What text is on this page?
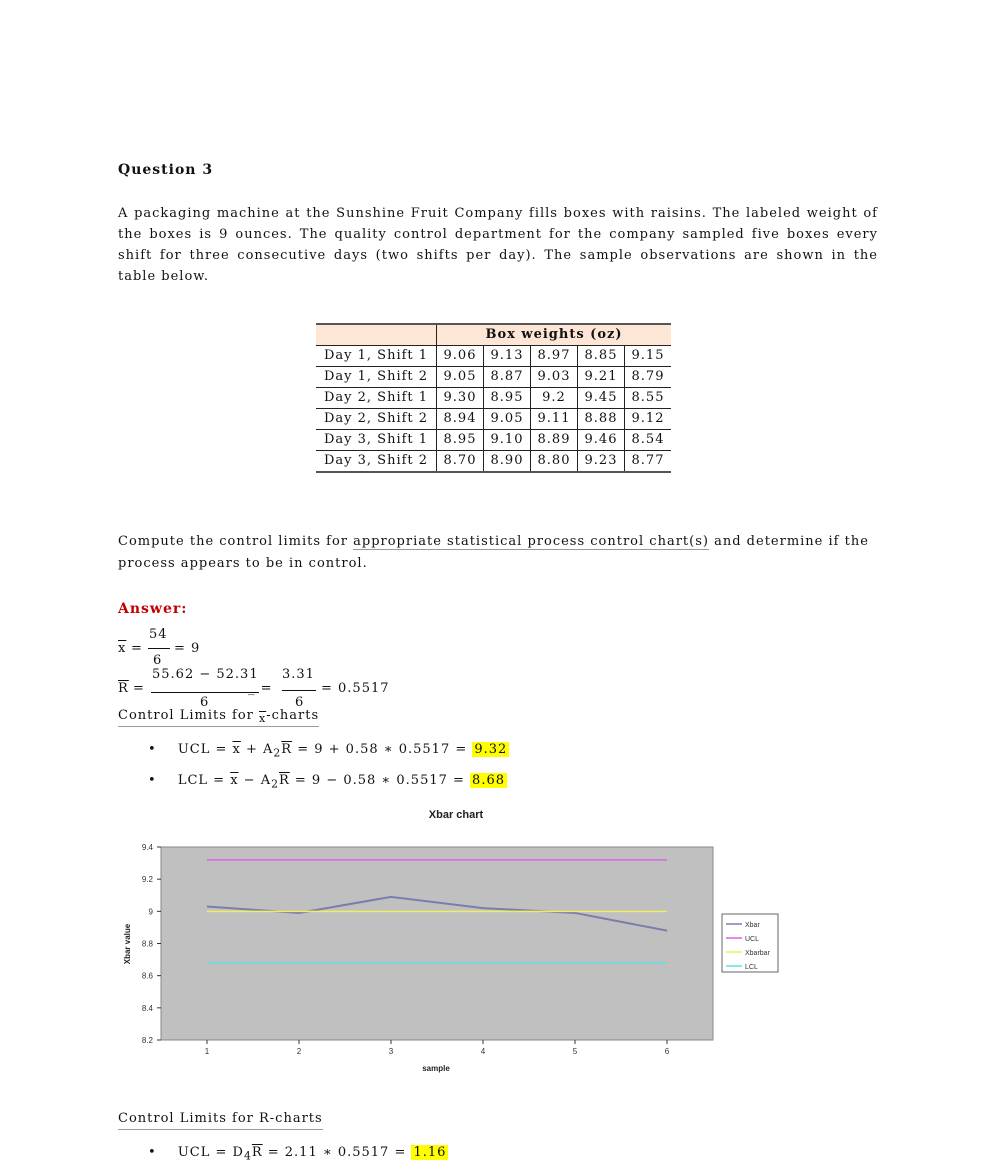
Question 3
A packaging machine at the Sunshine Fruit Company fills boxes with raisins. The labeled weight of the boxes is 9 ounces. The quality control department for the company sampled five boxes every shift for three consecutive days (two shifts per day). The sample observations are shown in the table below.
	Box weights (oz)				
Day 1, Shift 1	9.06	9.13	8.97	8.85	9.15
Day 1, Shift 2	9.05	8.87	9.03	9.21	8.79
Day 2, Shift 1	9.30	8.95	9.2	9.45	8.55
Day 2, Shift 2	8.94	9.05	9.11	8.88	9.12
Day 3, Shift 1	8.95	9.10	8.89	9.46	8.54
Day 3, Shift 2	8.70	8.90	8.80	9.23	8.77
Compute the control limits for appropriate statistical process control chart(s) and determine if the process appears to be in control.
Answer:
$\overline{x}$ =
54
6
= 9
$\overline{R}$ =
55.62 − 52.31
6
_ =
3.31
6
= 0.5517
Control Limits for $_{\overline{x}}$-charts
• UCL = $\overline{x} + A_2\overline{R} = 9 + 0.58$ ∗ 0.5517 = 9.32
• LCL = $\overline{x} - A_2\overline{R} = 9 - 0.58$ ∗ 0.5517 = 8.68
Xbar chart
Xbar value
sample
8.2
8.4
8.6
8.8
9
9.2
9.4
1	2	3	4	5	6
Xbar
UCL
Xbarbar
LCL
Control Limits for R-charts
• UCL = $D_4\overline{R} = 2.11$ ∗ 0.5517 = 1.16
